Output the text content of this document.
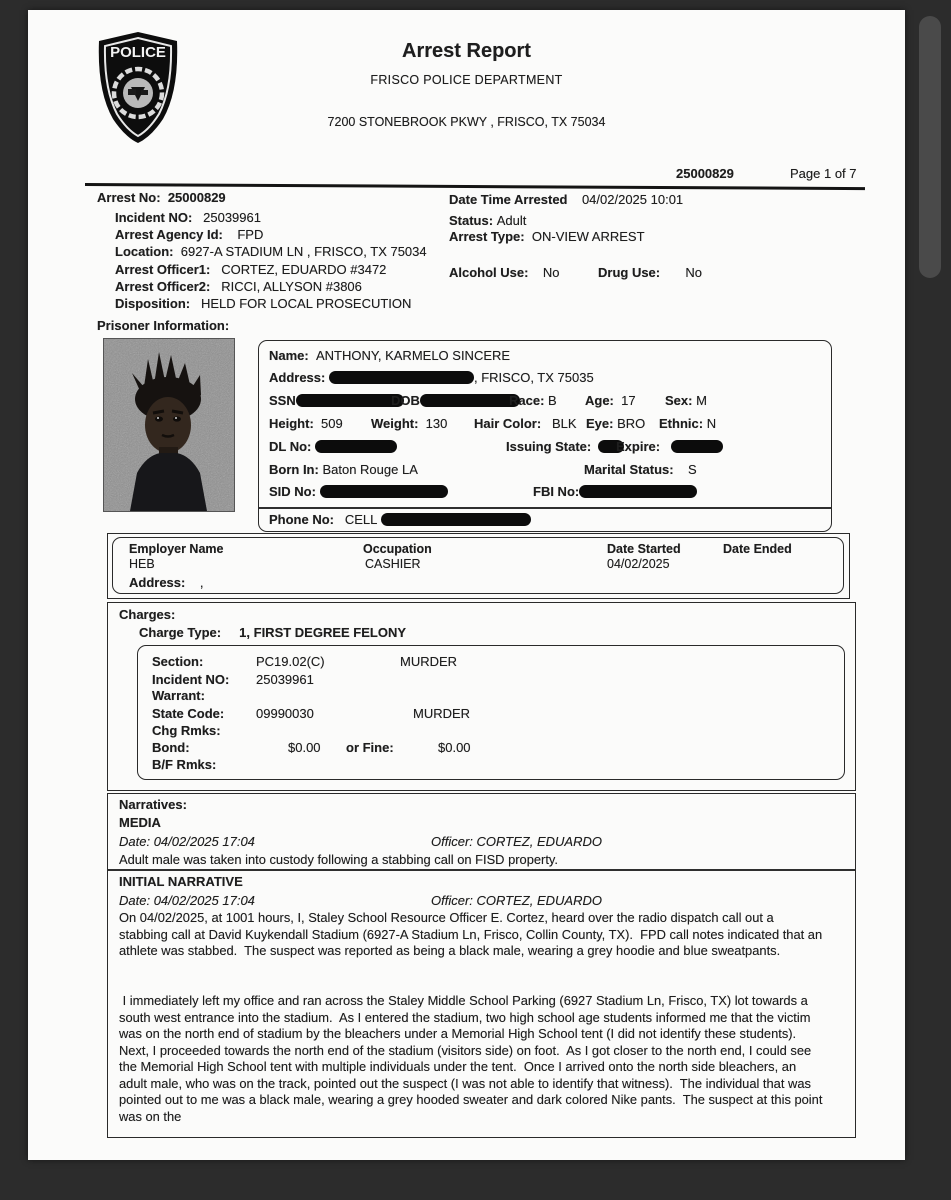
POLICE	Arrest Report
FRISCO POLICE DEPARTMENT
7200 STONEBROOK PKWY , FRISCO, TX 75034
25000829	Page 1 of 7
Arrest No: 25000829
Incident NO: 25039961
Arrest Agency Id: FPD
Location: 6927-A STADIUM LN , FRISCO, TX 75034
Arrest Officer1: CORTEZ, EDUARDO #3472
Arrest Officer2: RICCI, ALLYSON #3806
Disposition: HELD FOR LOCAL PROSECUTION
Prisoner Information:
Date Time Arrested 04/02/2025 10:01
Status: Adult
Arrest Type: ON-VIEW ARREST
Alcohol Use: No	Drug Use: No
Name: ANTHONY, KARMELO SINCERE
Address:	, FRISCO, TX 75035
SSN	DOB	Race: B Age: 17 Sex: M
Height: 509 Weight: 130 Hair Color: BLK Eye: BRO Ethnic: N
DL No:	Issuing State:	Expire:
Born In: Baton Rouge LA	Marital Status: S
SID No:	FBI No:
Phone No: CELL
Employer Name	Occupation	Date Started	Date Ended
HEB	CASHIER	04/02/2025
Address: ,
Charges:
Charge Type: 1, FIRST DEGREE FELONY
Section:	PC19.02(C)	MURDER
Incident NO: 25039961
Warrant:
State Code: 09990030	MURDER
Chg Rmks:
Bond:	$0.00 or Fine:	$0.00
B/F Rmks:
Narratives:
MEDIA
Date: 04/02/2025 17:04	Officer: CORTEZ, EDUARDO
Adult male was taken into custody following a stabbing call on FISD property.
INITIAL NARRATIVE
Date: 04/02/2025 17:04	Officer: CORTEZ, EDUARDO
On 04/02/2025, at 1001 hours, I, Staley School Resource Officer E. Cortez, heard over the radio dispatch call out a stabbing call at David Kuykendall Stadium (6927-A Stadium Ln, Frisco, Collin County, TX).  FPD call notes indicated that an athlete was stabbed.  The suspect was reported as being a black male, wearing a grey hoodie and blue sweatpants.
I immediately left my office and ran across the Staley Middle School Parking (6927 Stadium Ln, Frisco, TX) lot towards a south west entrance into the stadium.  As I entered the stadium, two high school age students informed me that the victim was on the north end of stadium by the bleachers under a Memorial High School tent (I did not identify these students).  Next, I proceeded towards the north end of the stadium (visitors side) on foot.  As I got closer to the north end, I could see the Memorial High School tent with multiple individuals under the tent.  Once I arrived onto the north side bleachers, an adult male, who was on the track, pointed out the suspect (I was not able to identify that witness).  The individual that was pointed out to me was a black male, wearing a grey hooded sweater and dark colored Nike pants.  The suspect at this point was on the
